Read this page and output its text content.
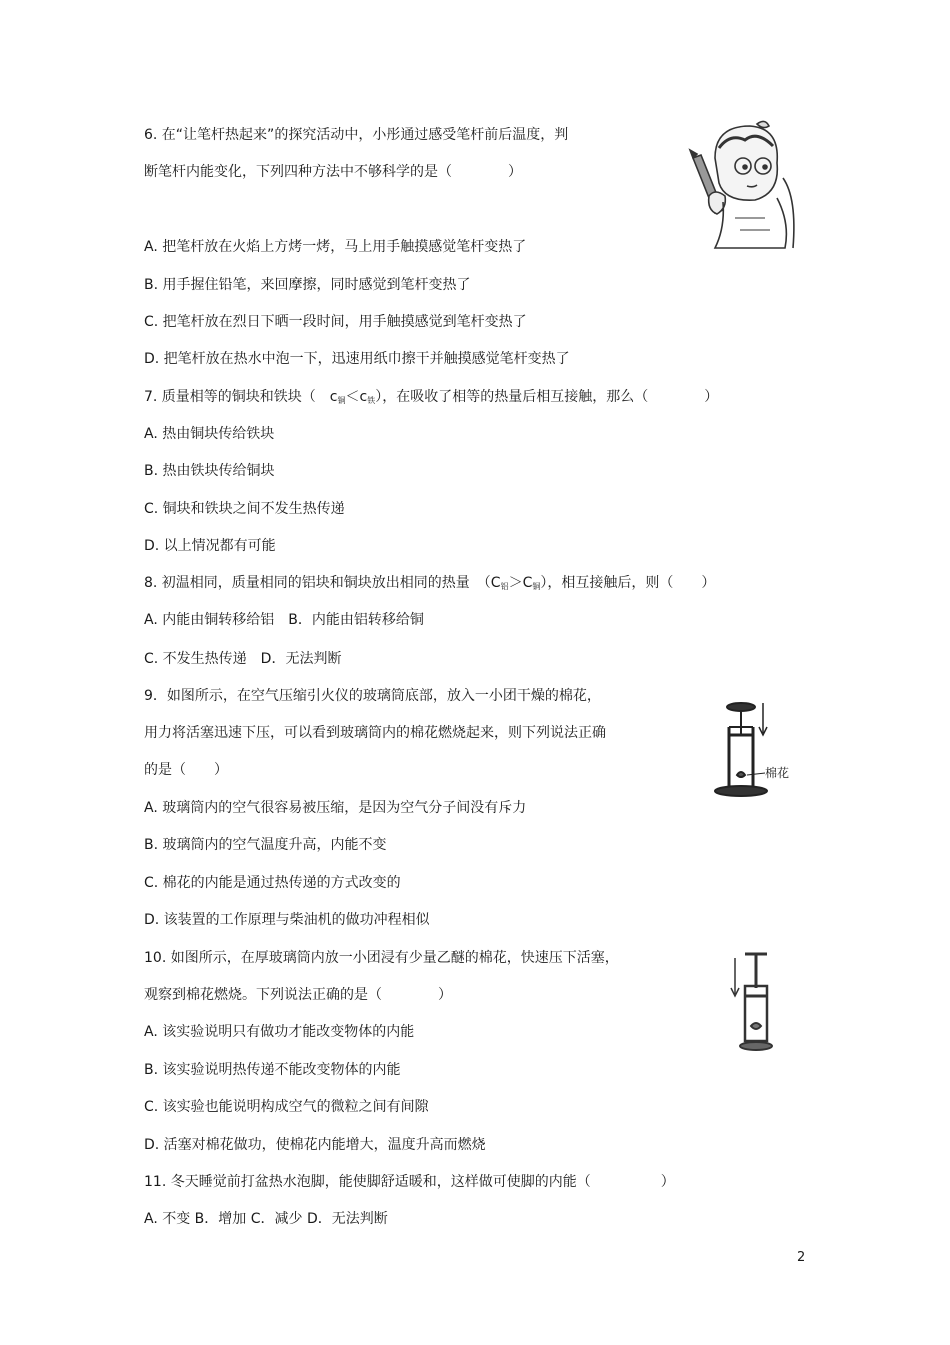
6. 在“让笔杆热起来”的探究活动中，小彤通过感受笔杆前后温度，判
断笔杆内能变化，下列四种方法中不够科学的是（　　　　）
A. 把笔杆放在火焰上方烤一烤，马上用手触摸感觉笔杆变热了
B. 用手握住铅笔，来回摩擦，同时感觉到笔杆变热了
C. 把笔杆放在烈日下晒一段时间，用手触摸感觉到笔杆变热了
D. 把笔杆放在热水中泡一下，迅速用纸巾擦干并触摸感觉笔杆变热了
7. 质量相等的铜块和铁块（　$c_铜<c_铁$），在吸收了相等的热量后相互接触，那么（　　　　）
A. 热由铜块传给铁块
B. 热由铁块传给铜块
C. 铜块和铁块之间不发生热传递
D. 以上情况都有可能
8. 初温相同，质量相同的铝块和铜块放出相同的热量　$(C_铝>C_铜)$，相互接触后，则（　　）
A. 内能由铜转移给铝　B．内能由铝转移给铜
C. 不发生热传递　D．无法判断
9．如图所示，在空气压缩引火仪的玻璃筒底部，放入一小团干燥的棉花，
用力将活塞迅速下压，可以看到玻璃筒内的棉花燃烧起来，则下列说法正确
的是（　　）	棉花
A. 玻璃筒内的空气很容易被压缩，是因为空气分子间没有斥力
B. 玻璃筒内的空气温度升高，内能不变
C. 棉花的内能是通过热传递的方式改变的
D. 该装置的工作原理与柴油机的做功冲程相似
10. 如图所示，在厚玻璃筒内放一小团浸有少量乙醚的棉花，快速压下活塞，
观察到棉花燃烧。下列说法正确的是（　　　　）
A. 该实验说明只有做功才能改变物体的内能
B. 该实验说明热传递不能改变物体的内能
C. 该实验也能说明构成空气的微粒之间有间隙
D. 活塞对棉花做功，使棉花内能增大，温度升高而燃烧
11. 冬天睡觉前打盆热水泡脚，能使脚舒适暖和，这样做可使脚的内能（　　　　　）
A. 不变 B．增加 C．减少 D．无法判断
2
